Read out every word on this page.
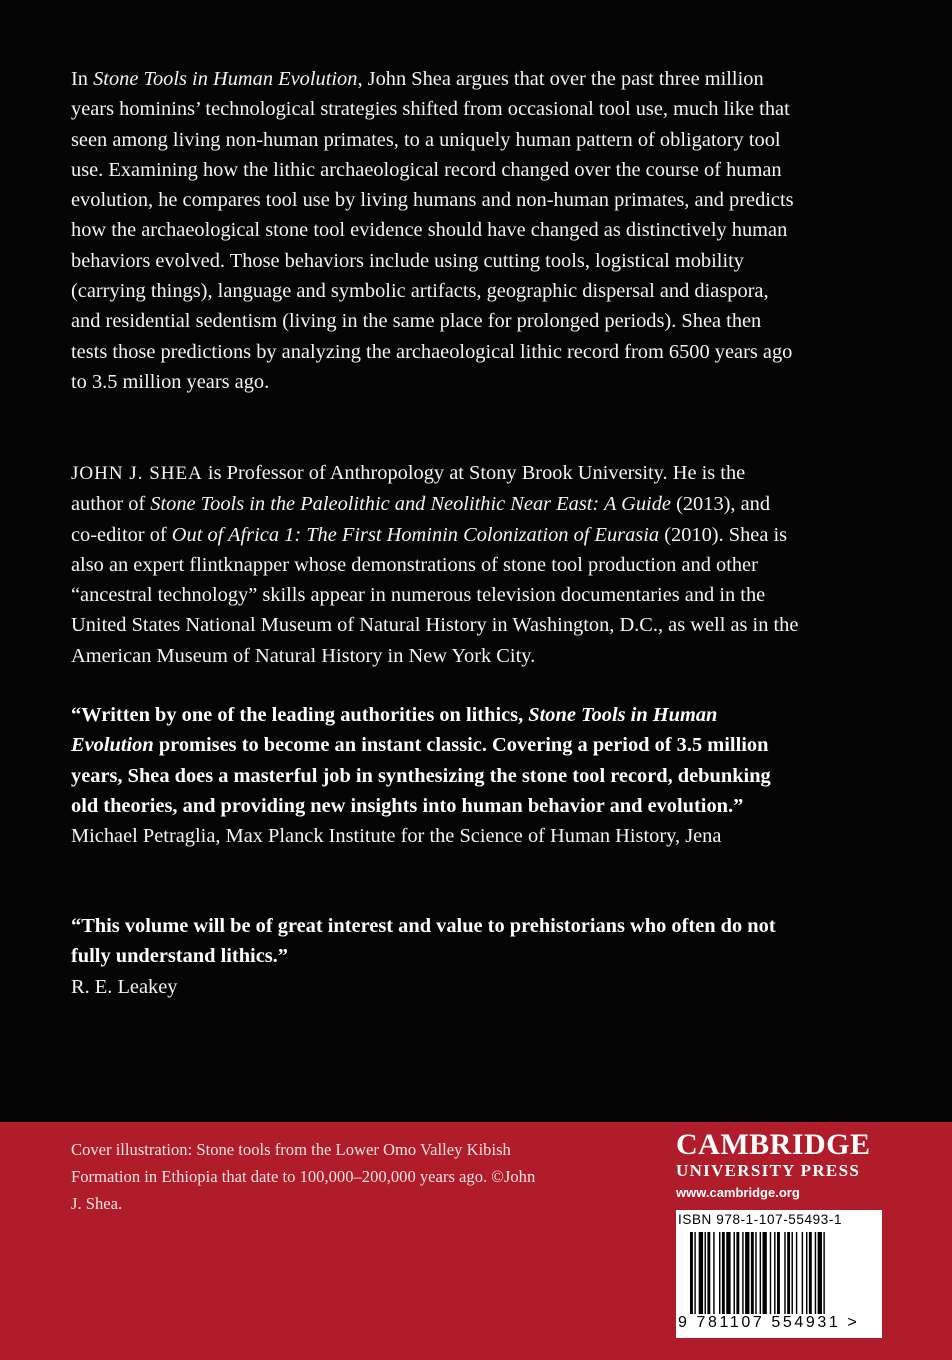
In Stone Tools in Human Evolution, John Shea argues that over the past three million years hominins’ technological strategies shifted from occasional tool use, much like that seen among living non-human primates, to a uniquely human pattern of obligatory tool use. Examining how the lithic archaeological record changed over the course of human evolution, he compares tool use by living humans and non-human primates, and predicts how the archaeological stone tool evidence should have changed as distinctively human behaviors evolved. Those behaviors include using cutting tools, logistical mobility (carrying things), language and symbolic artifacts, geographic dispersal and diaspora, and residential sedentism (living in the same place for prolonged periods). Shea then tests those predictions by analyzing the archaeological lithic record from 6500 years ago to 3.5 million years ago.

JOHN J. SHEA is Professor of Anthropology at Stony Brook University. He is the author of Stone Tools in the Paleolithic and Neolithic Near East: A Guide (2013), and co-editor of Out of Africa 1: The First Hominin Colonization of Eurasia (2010). Shea is also an expert flintknapper whose demonstrations of stone tool production and other “ancestral technology” skills appear in numerous television documentaries and in the United States National Museum of Natural History in Washington, D.C., as well as in the American Museum of Natural History in New York City.

“Written by one of the leading authorities on lithics, Stone Tools in Human Evolution promises to become an instant classic. Covering a period of 3.5 million years, Shea does a masterful job in synthesizing the stone tool record, debunking old theories, and providing new insights into human behavior and evolution.”
Michael Petraglia, Max Planck Institute for the Science of Human History, Jena

“This volume will be of great interest and value to prehistorians who often do not fully understand lithics.”
R. E. Leakey

Cover illustration: Stone tools from the Lower Omo Valley Kibish Formation in Ethiopia that date to 100,000–200,000 years ago. ©John J. Shea.

CAMBRIDGE
UNIVERSITY PRESS
www.cambridge.org
ISBN 978-1-107-55493-1
9 781107 554931 >
